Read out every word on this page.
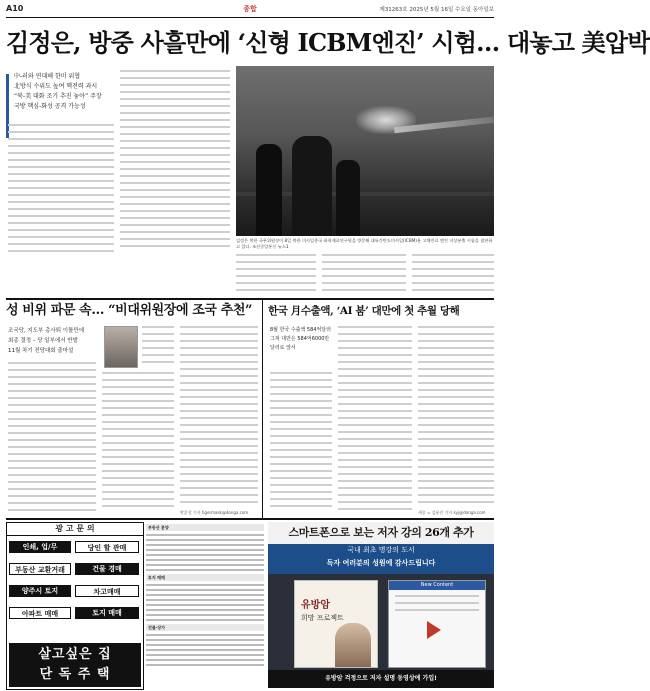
A10	종합	제31263호 2025년 5월 16일 수요일 동아일보
김정은, 방중 사흘만에 ‘신형 ICBM엔진’ 시험… 대놓고 美압박
中-러와 연대해 한미 위협
北방식 수위도 높여 핵전력 과시
“북-美 대화 조기 추진 놓아” 주장
국방 핵심-화성 공격 가능성
김정은 북한 국무위원장이 8일 북한 미사일총국 화학재료연구원을 방문해 대륙간탄도미사일(ICBM)용 고체연료 엔진 지상분출 시험을 참관하고 있다. 조선중앙통신 뉴스1
성 비위 파문 속… “비대위원장에 조국 추천”
조국당, 지도부 총사퇴 이틀만에
최종 결정 – 당 일부에서 반발
11월 차기 전당대회 출마설
박훈상 기자 tigermask@donga.com
한국 月수출액, ‘AI 붐’ 대만에 첫 추월 당해
8월 한국 수출액 584억달러 그쳐 대만은 584억6000만달러로 앞서
세종 = 김윤진 기자 kyj@donga.com
광 고 문 의
인쇄, 업/무	당인 할 관매
부동산 교환거래	건물 경매
양주시 토지	차고매매
아파트 매매	토지 매매
살고싶은 집
단 독 주 택
부동산 분양
토지 매매
건물·상가
스마트폰으로 보는 저자 강의 26개 추가
국내 최초 명강의 도서
독자 여러분의 성원에 감사드립니다
유방암
희망 프로젝트
New Content
유방암 걱정으로 저자 설명 동영상에 가입!
